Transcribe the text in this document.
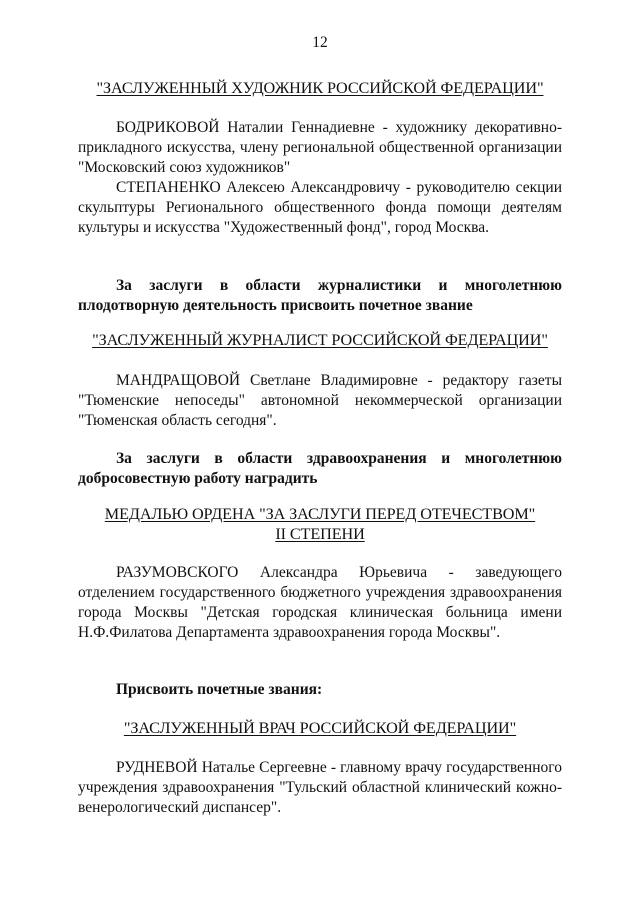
12
"ЗАСЛУЖЕННЫЙ ХУДОЖНИК РОССИЙСКОЙ ФЕДЕРАЦИИ"

БОДРИКОВОЙ Наталии Геннадиевне - художнику декоративно-прикладного искусства, члену региональной общественной организации "Московский союз художников"

СТЕПАНЕНКО Алексею Александровичу - руководителю секции скульптуры Регионального общественного фонда помощи деятелям культуры и искусства "Художественный фонд", город Москва.

За заслуги в области журналистики и многолетнюю плодотворную деятельность присвоить почетное звание

"ЗАСЛУЖЕННЫЙ ЖУРНАЛИСТ РОССИЙСКОЙ ФЕДЕРАЦИИ"

МАНДРАЩОВОЙ Светлане Владимировне - редактору газеты "Тюменские непоседы" автономной некоммерческой организации "Тюменская область сегодня".

За заслуги в области здравоохранения и многолетнюю добросовестную работу наградить

МЕДАЛЬЮ ОРДЕНА "ЗА ЗАСЛУГИ ПЕРЕД ОТЕЧЕСТВОМ"
II СТЕПЕНИ

РАЗУМОВСКОГО Александра Юрьевича - заведующего отделением государственного бюджетного учреждения здравоохранения города Москвы "Детская городская клиническая больница имени Н.Ф.Филатова Департамента здравоохранения города Москвы".

Присвоить почетные звания:

"ЗАСЛУЖЕННЫЙ ВРАЧ РОССИЙСКОЙ ФЕДЕРАЦИИ"

РУДНЕВОЙ Наталье Сергеевне - главному врачу государственного учреждения здравоохранения "Тульский областной клинический кожно-венерологический диспансер".
